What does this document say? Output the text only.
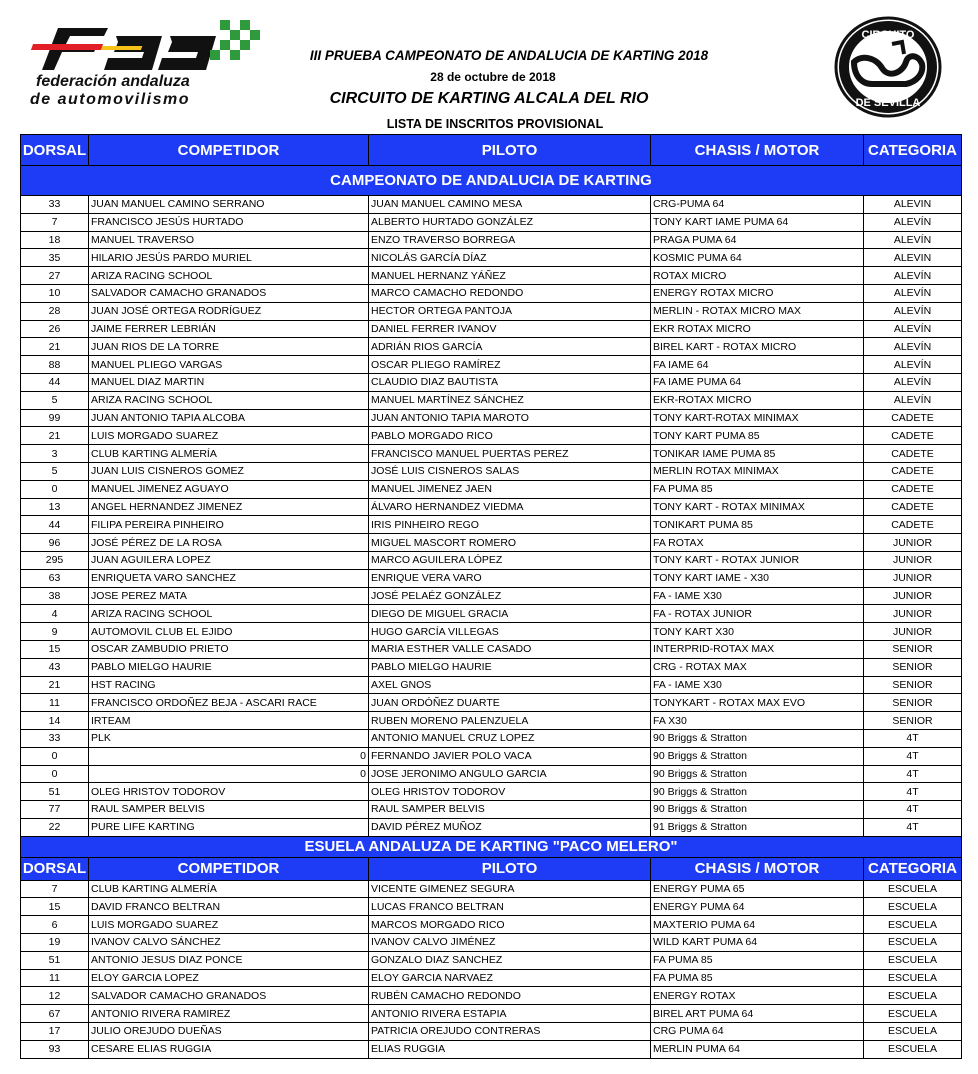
federación andaluza
de automovilismo
CIRCUITO
DE SEVILLA
III PRUEBA CAMPEONATO DE ANDALUCIA DE KARTING 2018
28 de octubre de 2018
CIRCUITO DE KARTING ALCALA DEL RIO
LISTA DE INSCRITOS PROVISIONAL
DORSAL	COMPETIDOR	PILOTO	CHASIS / MOTOR	CATEGORIA
CAMPEONATO DE ANDALUCIA DE KARTING				
33	JUAN MANUEL CAMINO SERRANO	JUAN MANUEL CAMINO MESA	CRG-PUMA 64	ALEVIN
7	FRANCISCO JESÚS HURTADO	ALBERTO HURTADO GONZÁLEZ	TONY KART IAME PUMA 64	ALEVÍN
18	MANUEL TRAVERSO	ENZO TRAVERSO BORREGA	PRAGA PUMA 64	ALEVÍN
35	HILARIO JESÚS PARDO MURIEL	NICOLÁS GARCÍA DÍAZ	KOSMIC PUMA 64	ALEVIN
27	ARIZA RACING SCHOOL	MANUEL HERNANZ YÁÑEZ	ROTAX MICRO	ALEVÍN
10	SALVADOR CAMACHO GRANADOS	MARCO CAMACHO REDONDO	ENERGY ROTAX MICRO	ALEVÍN
28	JUAN JOSÉ ORTEGA RODRÍGUEZ	HECTOR ORTEGA PANTOJA	MERLIN - ROTAX MICRO MAX	ALEVÍN
26	JAIME FERRER LEBRIÁN	DANIEL FERRER IVANOV	EKR ROTAX MICRO	ALEVÍN
21	JUAN RIOS DE LA TORRE	ADRIÁN RIOS GARCÍA	BIREL KART - ROTAX MICRO	ALEVÍN
88	MANUEL PLIEGO VARGAS	OSCAR PLIEGO RAMÍREZ	FA IAME 64	ALEVÍN
44	MANUEL DIAZ MARTIN	CLAUDIO DIAZ BAUTISTA	FA IAME PUMA 64	ALEVÍN
5	ARIZA RACING SCHOOL	MANUEL MARTÍNEZ SÁNCHEZ	EKR-ROTAX MICRO	ALEVÍN
99	JUAN ANTONIO TAPIA ALCOBA	JUAN ANTONIO TAPIA MAROTO	TONY KART-ROTAX MINIMAX	CADETE
21	LUIS MORGADO SUAREZ	PABLO MORGADO RICO	TONY KART PUMA 85	CADETE
3	CLUB KARTING ALMERÍA	FRANCISCO MANUEL PUERTAS PEREZ	TONIKAR IAME PUMA 85	CADETE
5	JUAN LUIS CISNEROS GOMEZ	JOSÉ LUIS CISNEROS SALAS	MERLIN ROTAX MINIMAX	CADETE
0	MANUEL JIMENEZ AGUAYO	MANUEL JIMENEZ JAEN	FA PUMA 85	CADETE
13	ANGEL HERNANDEZ JIMENEZ	ÁLVARO HERNANDEZ VIEDMA	TONY KART - ROTAX MINIMAX	CADETE
44	FILIPA PEREIRA PINHEIRO	IRIS PINHEIRO REGO	TONIKART PUMA 85	CADETE
96	JOSÉ PÉREZ DE LA ROSA	MIGUEL MASCORT ROMERO	FA ROTAX	JUNIOR
295	JUAN AGUILERA LOPEZ	MARCO AGUILERA LÓPEZ	TONY KART - ROTAX JUNIOR	JUNIOR
63	ENRIQUETA VARO SANCHEZ	ENRIQUE VERA VARO	TONY KART IAME - X30	JUNIOR
38	JOSE PEREZ MATA	JOSÉ PELAÉZ GONZÁLEZ	FA - IAME X30	JUNIOR
4	ARIZA RACING SCHOOL	DIEGO DE MIGUEL GRACIA	FA - ROTAX JUNIOR	JUNIOR
9	AUTOMOVIL CLUB EL EJIDO	HUGO GARCÍA VILLEGAS	TONY KART X30	JUNIOR
15	OSCAR ZAMBUDIO PRIETO	MARIA ESTHER VALLE CASADO	INTERPRID-ROTAX MAX	SENIOR
43	PABLO MIELGO HAURIE	PABLO MIELGO HAURIE	CRG - ROTAX MAX	SENIOR
21	HST RACING	AXEL GNOS	FA - IAME X30	SENIOR
11	FRANCISCO ORDOÑEZ BEJA - ASCARI RACE	JUAN ORDÓÑEZ DUARTE	TONYKART - ROTAX MAX EVO	SENIOR
14	IRTEAM	RUBEN MORENO PALENZUELA	FA X30	SENIOR
33	PLK	ANTONIO MANUEL CRUZ LOPEZ	90 Briggs & Stratton	4T
0	0	FERNANDO JAVIER POLO VACA	90 Briggs & Stratton	4T
0	0	JOSE JERONIMO ANGULO GARCIA	90 Briggs & Stratton	4T
51	OLEG HRISTOV TODOROV	OLEG HRISTOV TODOROV	90 Briggs & Stratton	4T
77	RAUL SAMPER BELVIS	RAUL SAMPER BELVIS	90 Briggs & Stratton	4T
22	PURE LIFE KARTING	DAVID PÉREZ MUÑOZ	91 Briggs & Stratton	4T
ESUELA ANDALUZA DE KARTING "PACO MELERO"				
DORSAL	COMPETIDOR	PILOTO	CHASIS / MOTOR	CATEGORIA
7	CLUB KARTING ALMERÍA	VICENTE GIMENEZ SEGURA	ENERGY PUMA 65	ESCUELA
15	DAVID FRANCO BELTRAN	LUCAS FRANCO BELTRAN	ENERGY PUMA 64	ESCUELA
6	LUIS MORGADO SUAREZ	MARCOS MORGADO RICO	MAXTERIO PUMA 64	ESCUELA
19	IVANOV CALVO SÁNCHEZ	IVANOV CALVO JIMÉNEZ	WILD KART PUMA 64	ESCUELA
51	ANTONIO JESUS DIAZ PONCE	GONZALO DIAZ SANCHEZ	FA PUMA 85	ESCUELA
11	ELOY GARCIA LOPEZ	ELOY GARCIA NARVAEZ	FA PUMA 85	ESCUELA
12	SALVADOR CAMACHO GRANADOS	RUBÉN CAMACHO REDONDO	ENERGY ROTAX	ESCUELA
67	ANTONIO RIVERA RAMIREZ	ANTONIO RIVERA ESTAPIA	BIREL ART PUMA 64	ESCUELA
17	JULIO OREJUDO DUEÑAS	PATRICIA OREJUDO CONTRERAS	CRG PUMA 64	ESCUELA
93	CESARE ELIAS RUGGIA	ELIAS RUGGIA	MERLIN PUMA 64	ESCUELA
